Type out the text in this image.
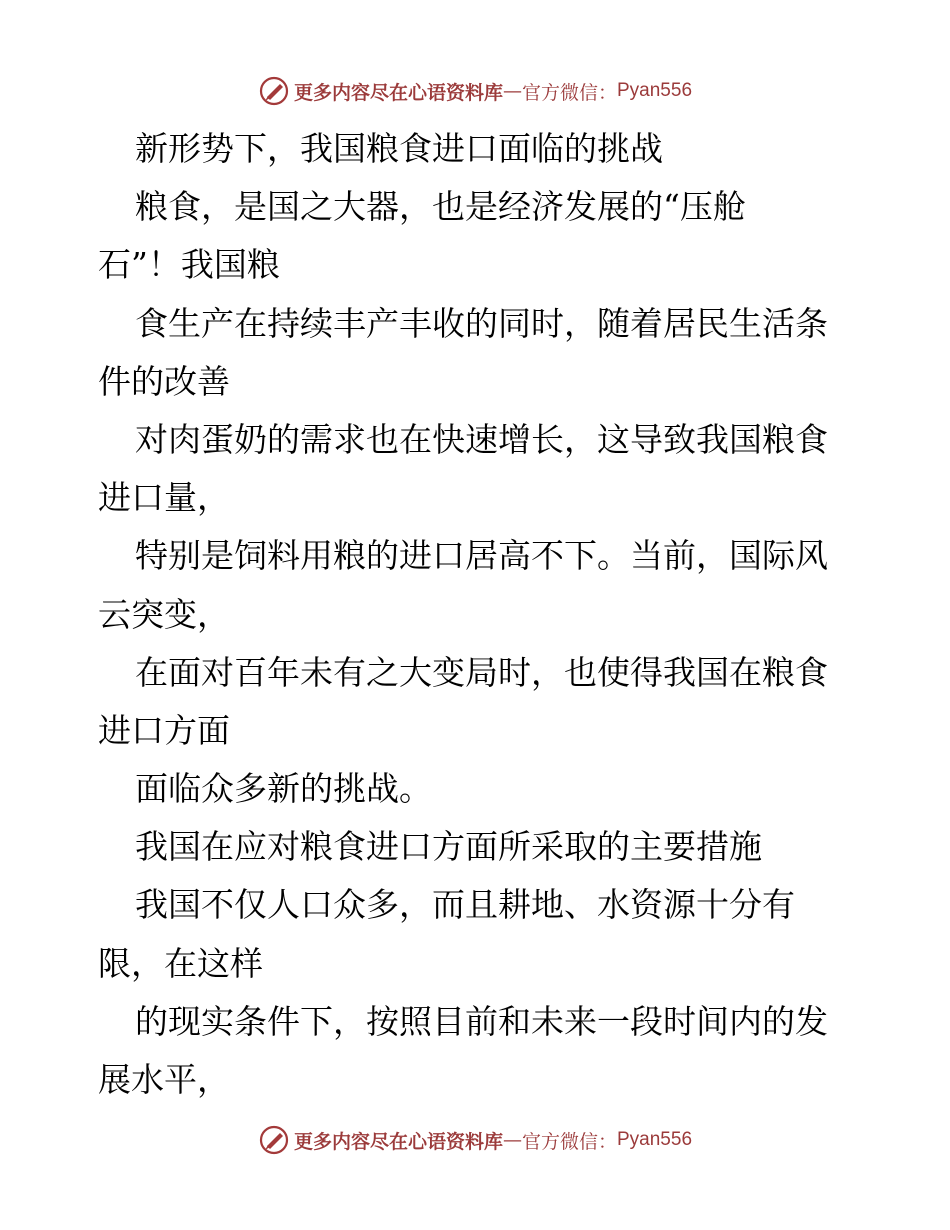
更多内容尽在心语资料库 — 官方微信： Pyan556
新形势下，我国粮食进口面临的挑战
粮食，是国之大器，也是经济发展的“压舱
石”！我国粮
食生产在持续丰产丰收的同时，随着居民生活条
件的改善
对肉蛋奶的需求也在快速增长，这导致我国粮食
进口量，
特别是饲料用粮的进口居高不下。当前，国际风
云突变，
在面对百年未有之大变局时，也使得我国在粮食
进口方面
面临众多新的挑战。
我国在应对粮食进口方面所采取的主要措施
我国不仅人口众多，而且耕地、水资源十分有
限，在这样
的现实条件下，按照目前和未来一段时间内的发
展水平，
更多内容尽在心语资料库 — 官方微信： Pyan556
